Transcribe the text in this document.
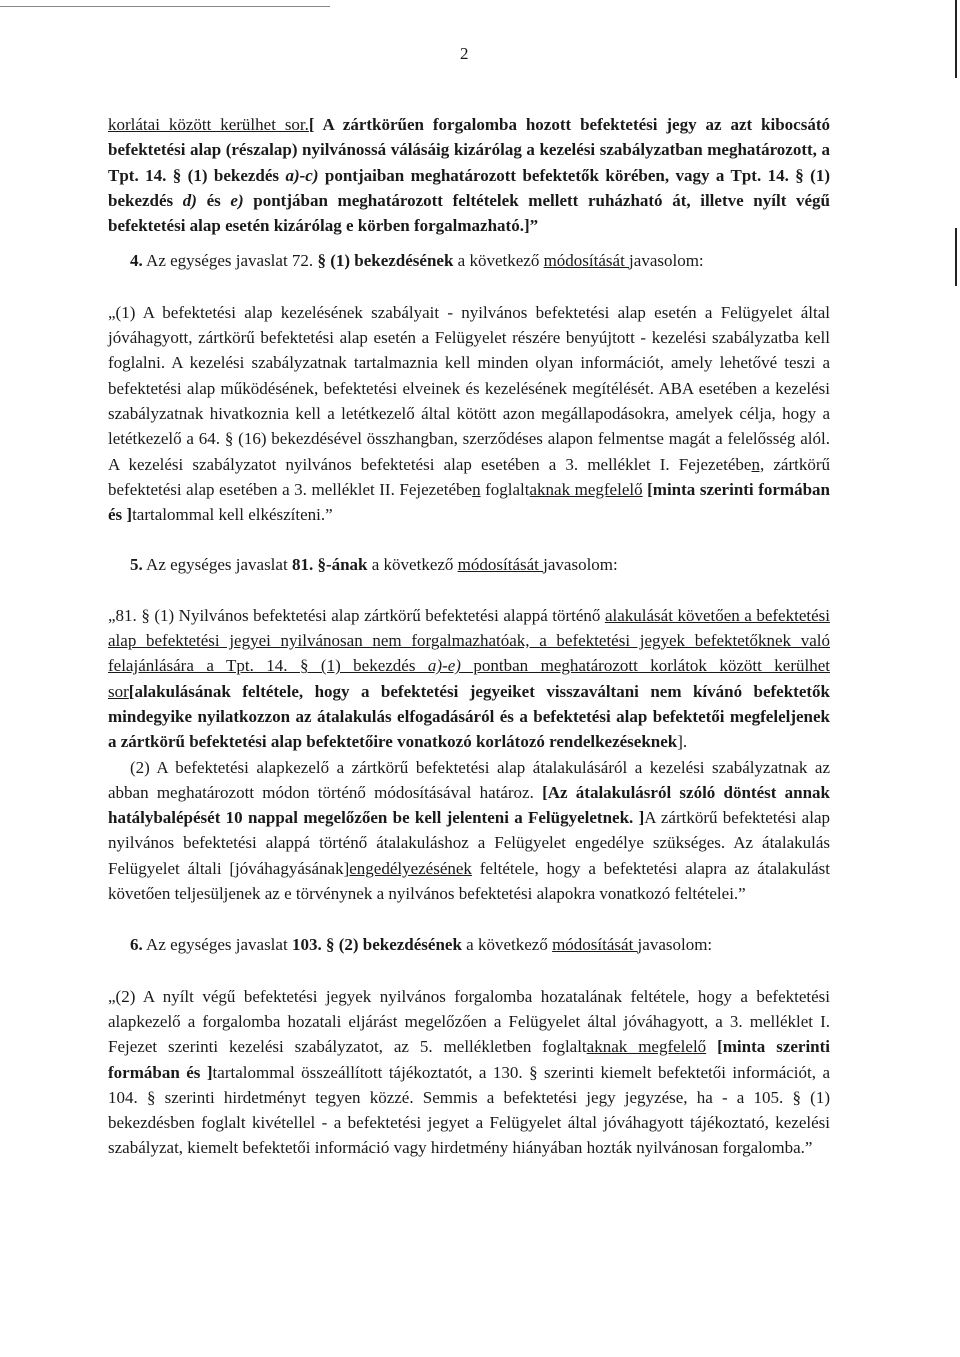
2

korlátai között kerülhet sor.[ A zártkörűen forgalomba hozott befektetési jegy az azt kibocsátó befektetési alap (részalap) nyilvánossá válásáig kizárólag a kezelési szabályzatban meghatározott, a Tpt. 14. § (1) bekezdés a)-c) pontjaiban meghatározott befektetők körében, vagy a Tpt. 14. § (1) bekezdés d) és e) pontjában meghatározott feltételek mellett ruházható át, illetve nyílt végű befektetési alap esetén kizárólag e körben forgalmazható.]”

4. Az egységes javaslat 72. § (1) bekezdésének a következő módosítását javasolom:

„(1) A befektetési alap kezelésének szabályait - nyilvános befektetési alap esetén a Felügyelet által jóváhagyott, zártkörű befektetési alap esetén a Felügyelet részére benyújtott - kezelési szabályzatba kell foglalni. A kezelési szabályzatnak tartalmaznia kell minden olyan információt, amely lehetővé teszi a befektetési alap működésének, befektetési elveinek és kezelésének megítélését. ABA esetében a kezelési szabályzatnak hivatkoznia kell a letétkezelő által kötött azon megállapodásokra, amelyek célja, hogy a letétkezelő a 64. § (16) bekezdésével összhangban, szerződéses alapon felmentse magát a felelősség alól. A kezelési szabályzatot nyilvános befektetési alap esetében a 3. melléklet I. Fejezetében, zártkörű befektetési alap esetében a 3. melléklet II. Fejezetében foglaltaknak megfelelő [minta szerinti formában és ]tartalommal kell elkészíteni.”

5. Az egységes javaslat 81. §-ának a következő módosítását javasolom:

„81. § (1) Nyilvános befektetési alap zártkörű befektetési alappá történő alakulását követően a befektetési alap befektetési jegyei nyilvánosan nem forgalmazhatóak, a befektetési jegyek befektetőknek való felajánlására a Tpt. 14. § (1) bekezdés a)-e) pontban meghatározott korlátok között kerülhet sor[alakulásának feltétele, hogy a befektetési jegyeiket visszaváltani nem kívánó befektetők mindegyike nyilatkozzon az átalakulás elfogadásáról és a befektetési alap befektetői megfeleljenek a zártkörű befektetési alap befektetőire vonatkozó korlátozó rendelkezéseknek].

(2) A befektetési alapkezelő a zártkörű befektetési alap átalakulásáról a kezelési szabályzatnak az abban meghatározott módon történő módosításával határoz. [Az átalakulásról szóló döntést annak hatálybalépését 10 nappal megelőzően be kell jelenteni a Felügyeletnek. ]A zártkörű befektetési alap nyilvános befektetési alappá történő átalakuláshoz a Felügyelet engedélye szükséges. Az átalakulás Felügyelet általi [jóváhagyásának]engedélyezésének feltétele, hogy a befektetési alapra az átalakulást követően teljesüljenek az e törvénynek a nyilvános befektetési alapokra vonatkozó feltételei.”

6. Az egységes javaslat 103. § (2) bekezdésének a következő módosítását javasolom:

„(2) A nyílt végű befektetési jegyek nyilvános forgalomba hozatalának feltétele, hogy a befektetési alapkezelő a forgalomba hozatali eljárást megelőzően a Felügyelet által jóváhagyott, a 3. melléklet I. Fejezet szerinti kezelési szabályzatot, az 5. mellékletben foglaltaknak megfelelő [minta szerinti formában és ]tartalommal összeállított tájékoztatót, a 130. § szerinti kiemelt befektetői információt, a 104. § szerinti hirdetményt tegyen közzé. Semmis a befektetési jegy jegyzése, ha - a 105. § (1) bekezdésben foglalt kivétellel - a befektetési jegyet a Felügyelet által jóváhagyott tájékoztató, kezelési szabályzat, kiemelt befektetői információ vagy hirdetmény hiányában hozták nyilvánosan forgalomba.”
